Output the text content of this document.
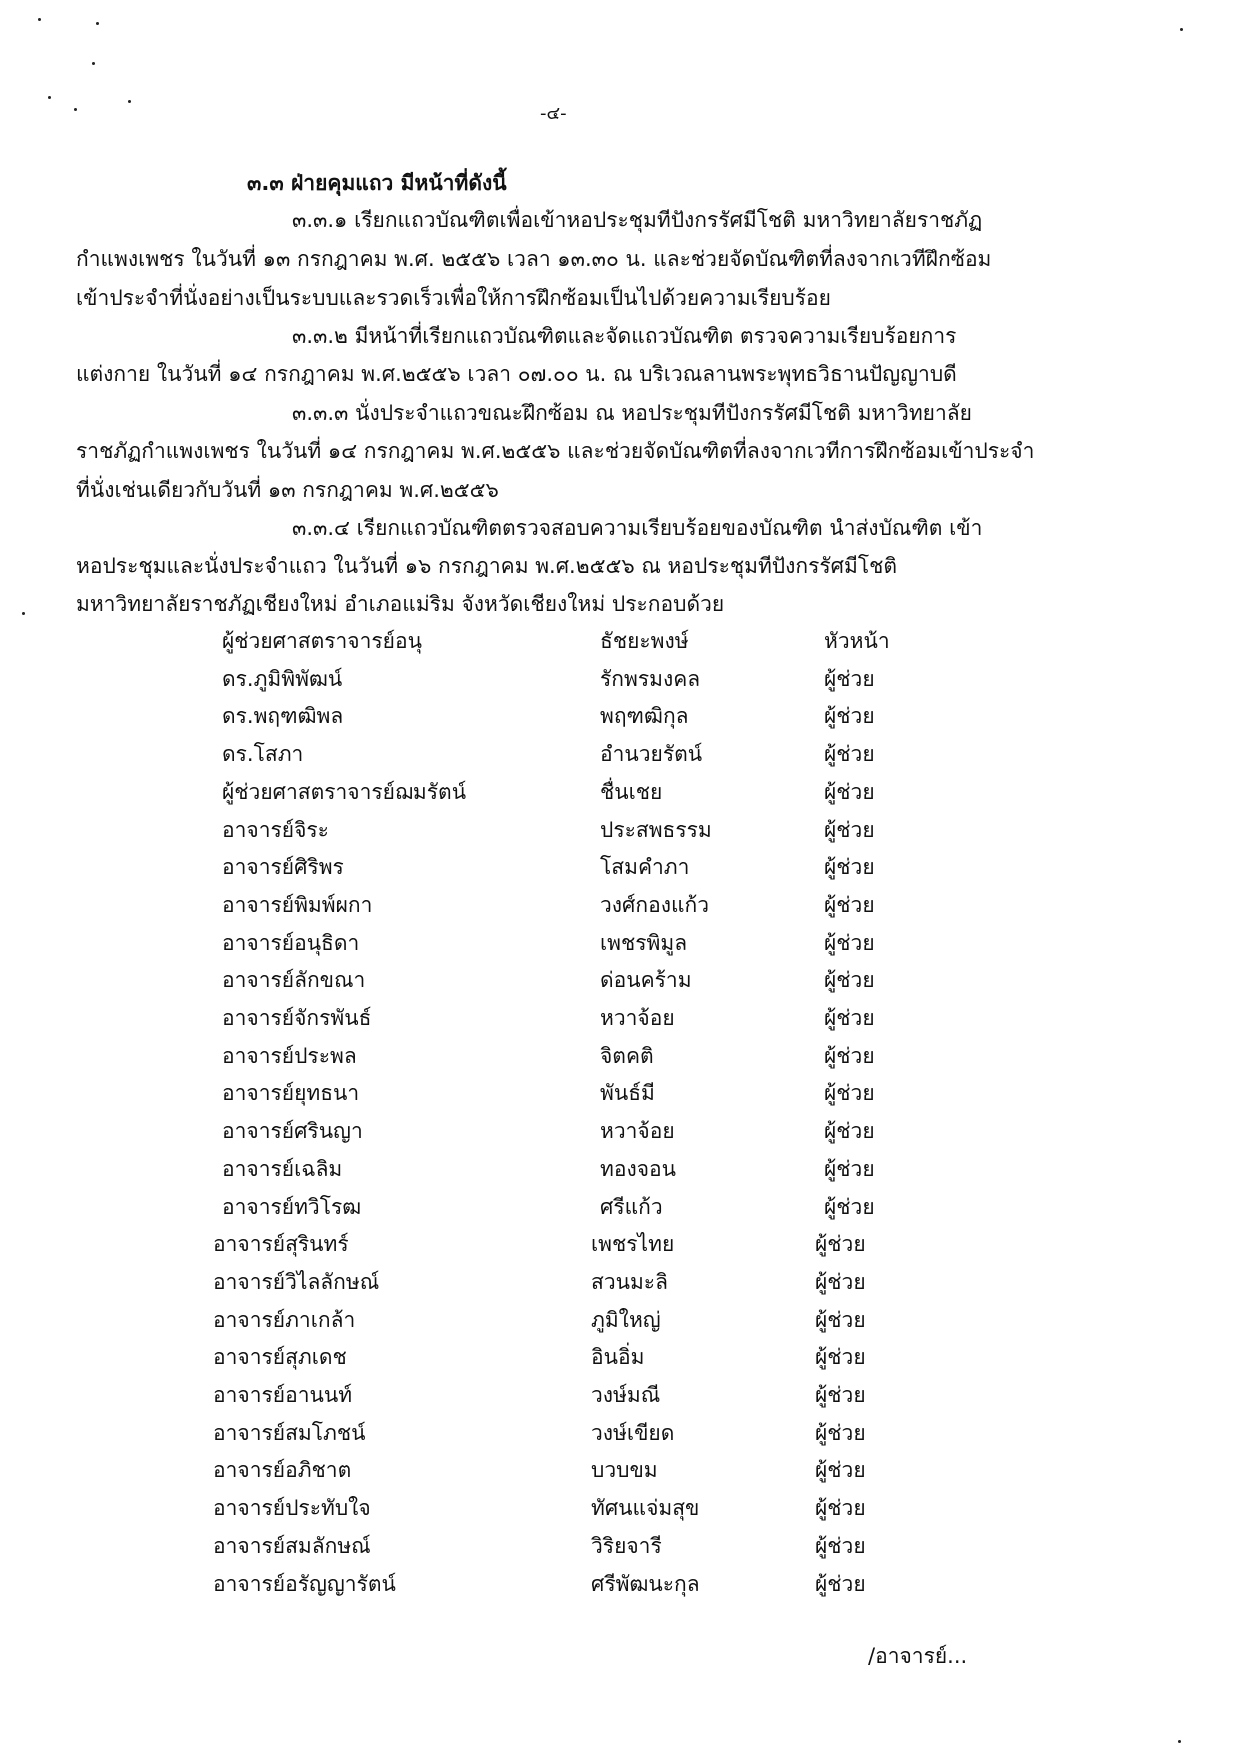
-๔-
๓.๓ ฝ่ายคุมแถว มีหน้าที่ดังนี้
๓.๓.๑ เรียกแถวบัณฑิตเพื่อเข้าหอประชุมทีปังกรรัศมีโชติ มหาวิทยาลัยราชภัฏ
กำแพงเพชร ในวันที่ ๑๓ กรกฎาคม พ.ศ. ๒๕๕๖ เวลา ๑๓.๓๐ น. และช่วยจัดบัณฑิตที่ลงจากเวทีฝึกซ้อม
เข้าประจำที่นั่งอย่างเป็นระบบและรวดเร็วเพื่อให้การฝึกซ้อมเป็นไปด้วยความเรียบร้อย
๓.๓.๒ มีหน้าที่เรียกแถวบัณฑิตและจัดแถวบัณฑิต ตรวจความเรียบร้อยการ
แต่งกาย ในวันที่ ๑๔ กรกฎาคม พ.ศ.๒๕๕๖ เวลา ๐๗.๐๐ น. ณ บริเวณลานพระพุทธวิธานปัญญาบดี
๓.๓.๓ นั่งประจำแถวขณะฝึกซ้อม ณ หอประชุมทีปังกรรัศมีโชติ มหาวิทยาลัย
ราชภัฏกำแพงเพชร ในวันที่ ๑๔ กรกฎาคม พ.ศ.๒๕๕๖ และช่วยจัดบัณฑิตที่ลงจากเวทีการฝึกซ้อมเข้าประจำ
ที่นั่งเช่นเดียวกับวันที่ ๑๓ กรกฎาคม พ.ศ.๒๕๕๖
๓.๓.๔ เรียกแถวบัณฑิตตรวจสอบความเรียบร้อยของบัณฑิต นำส่งบัณฑิต เข้า
หอประชุมและนั่งประจำแถว ในวันที่ ๑๖ กรกฎาคม พ.ศ.๒๕๕๖ ณ หอประชุมทีปังกรรัศมีโชติ
มหาวิทยาลัยราชภัฏเชียงใหม่ อำเภอแม่ริม จังหวัดเชียงใหม่ ประกอบด้วย
ผู้ช่วยศาสตราจารย์อนุ	ธัชยะพงษ์	หัวหน้า
ดร.ภูมิพิพัฒน์	รักพรมงคล	ผู้ช่วย
ดร.พฤฑฒิพล	พฤฑฒิกุล	ผู้ช่วย
ดร.โสภา	อำนวยรัตน์	ผู้ช่วย
ผู้ช่วยศาสตราจารย์ฌมรัตน์	ชื่นเชย	ผู้ช่วย
อาจารย์จิระ	ประสพธรรม	ผู้ช่วย
อาจารย์ศิริพร	โสมคำภา	ผู้ช่วย
อาจารย์พิมพ์ผกา	วงศ์กองแก้ว	ผู้ช่วย
อาจารย์อนุธิดา	เพชรพิมูล	ผู้ช่วย
อาจารย์ลักขณา	ด่อนคร้าม	ผู้ช่วย
อาจารย์จักรพันธ์	หวาจ้อย	ผู้ช่วย
อาจารย์ประพล	จิตคติ	ผู้ช่วย
อาจารย์ยุทธนา	พันธ์มี	ผู้ช่วย
อาจารย์ศรินญา	หวาจ้อย	ผู้ช่วย
อาจารย์เฉลิม	ทองจอน	ผู้ช่วย
อาจารย์ทวิโรฒ	ศรีแก้ว	ผู้ช่วย
อาจารย์สุรินทร์	เพชรไทย	ผู้ช่วย
อาจารย์วิไลลักษณ์	สวนมะลิ	ผู้ช่วย
อาจารย์ภาเกล้า	ภูมิใหญ่	ผู้ช่วย
อาจารย์สุภเดช	อินอิ่ม	ผู้ช่วย
อาจารย์อานนท์	วงษ์มณี	ผู้ช่วย
อาจารย์สมโภชน์	วงษ์เขียด	ผู้ช่วย
อาจารย์อภิชาต	บวบขม	ผู้ช่วย
อาจารย์ประทับใจ	ทัศนแจ่มสุข	ผู้ช่วย
อาจารย์สมลักษณ์	วิริยจารี	ผู้ช่วย
อาจารย์อรัญญารัตน์	ศรีพัฒนะกุล	ผู้ช่วย
/อาจารย์...
